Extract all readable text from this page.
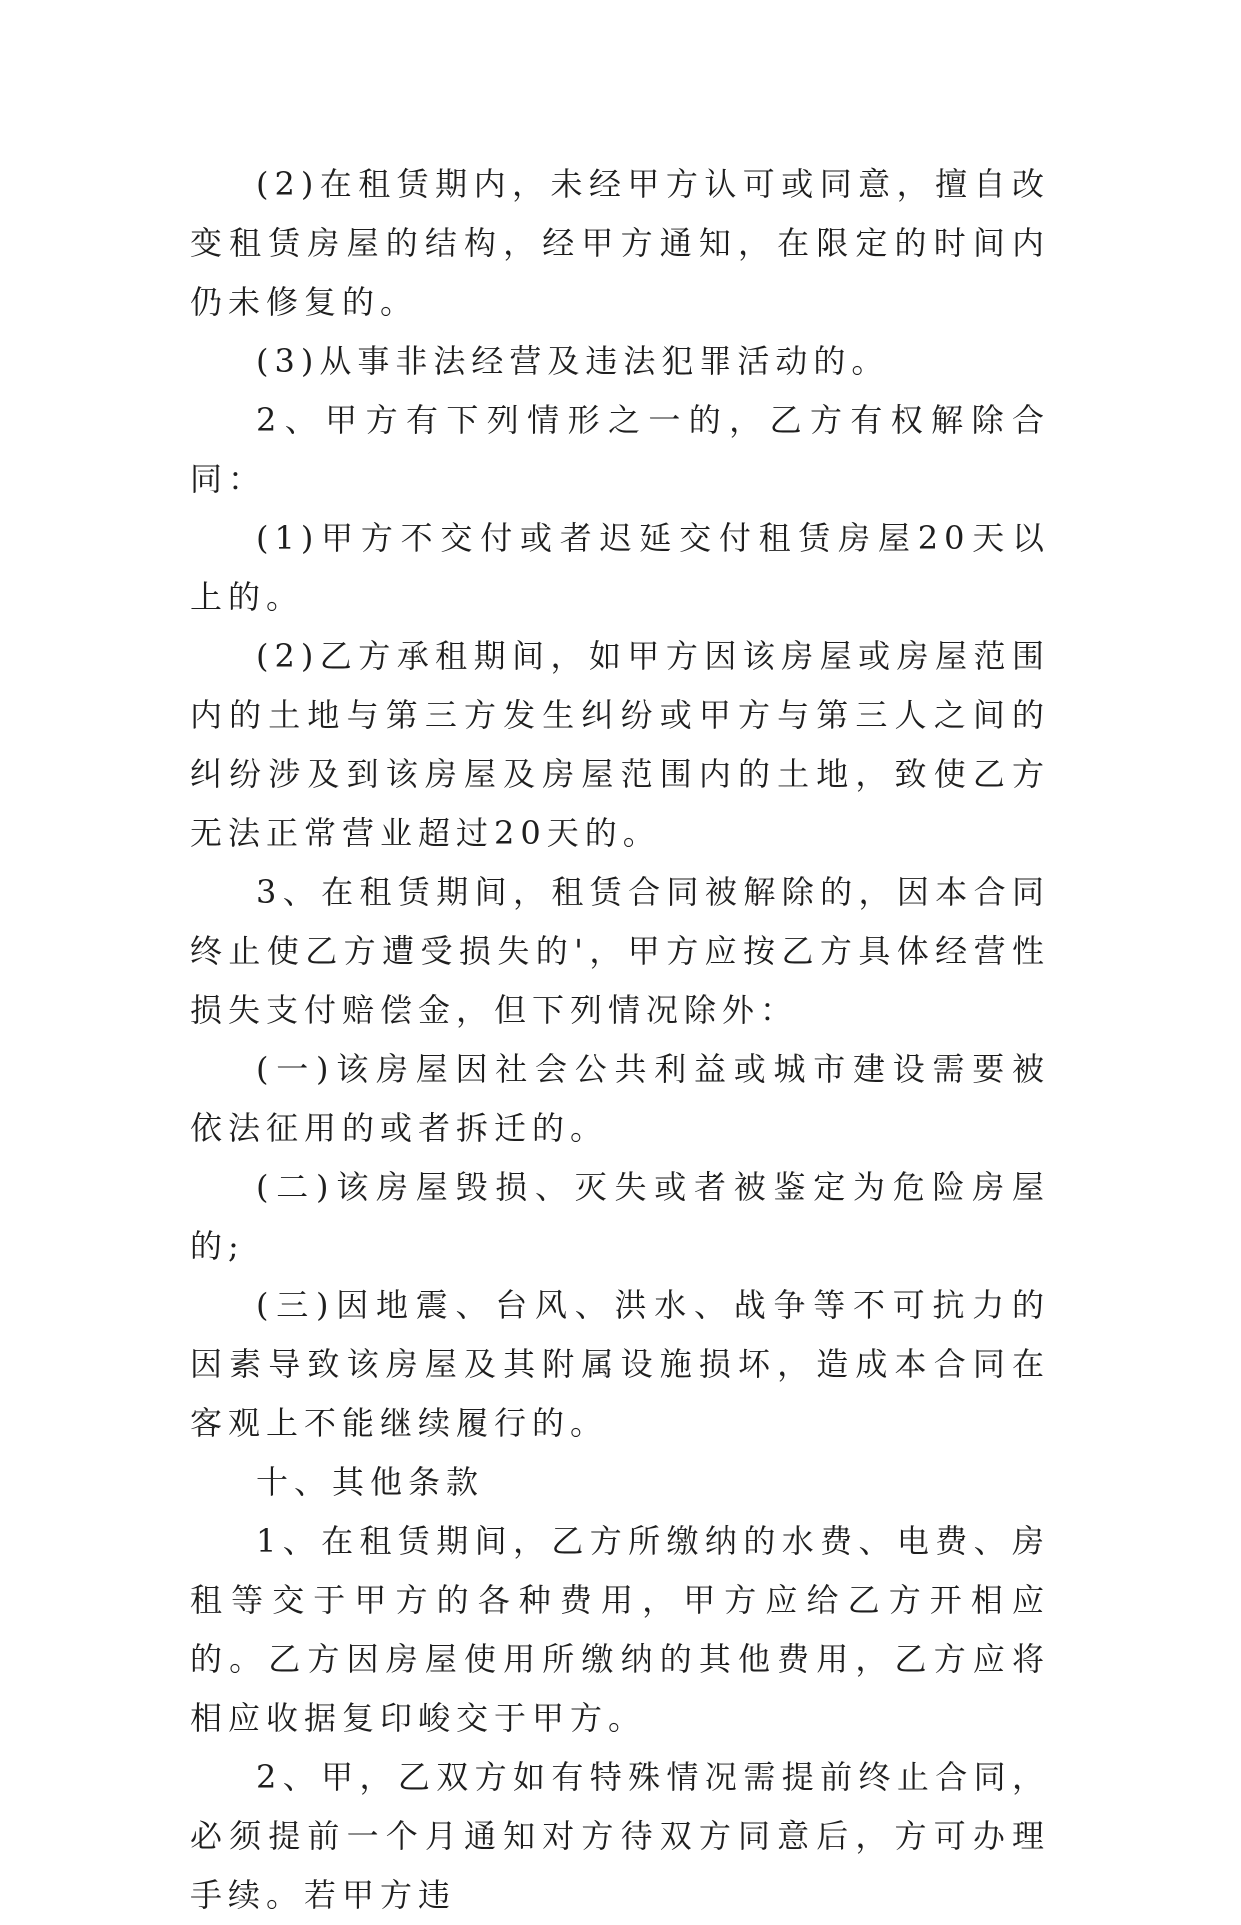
(2)在租赁期内，未经甲方认可或同意，擅自改变租赁房屋的结构，经甲方通知，在限定的时间内仍未修复的。

(3)从事非法经营及违法犯罪活动的。

2、甲方有下列情形之一的，乙方有权解除合同：

(1)甲方不交付或者迟延交付租赁房屋20天以上的。

(2)乙方承租期间，如甲方因该房屋或房屋范围内的土地与第三方发生纠纷或甲方与第三人之间的纠纷涉及到该房屋及房屋范围内的土地，致使乙方无法正常营业超过20天的。

3、在租赁期间，租赁合同被解除的，因本合同终止使乙方遭受损失的'，甲方应按乙方具体经营性损失支付赔偿金，但下列情况除外：

(一)该房屋因社会公共利益或城市建设需要被依法征用的或者拆迁的。

(二)该房屋毁损、灭失或者被鉴定为危险房屋的;

(三)因地震、台风、洪水、战争等不可抗力的因素导致该房屋及其附属设施损坏，造成本合同在客观上不能继续履行的。

十、其他条款

1、在租赁期间，乙方所缴纳的水费、电费、房租等交于甲方的各种费用，甲方应给乙方开相应的。乙方因房屋使用所缴纳的其他费用，乙方应将相应收据复印峻交于甲方。

2、甲，乙双方如有特殊情况需提前终止合同，必须提前一个月通知对方待双方同意后，方可办理手续。若甲方违
